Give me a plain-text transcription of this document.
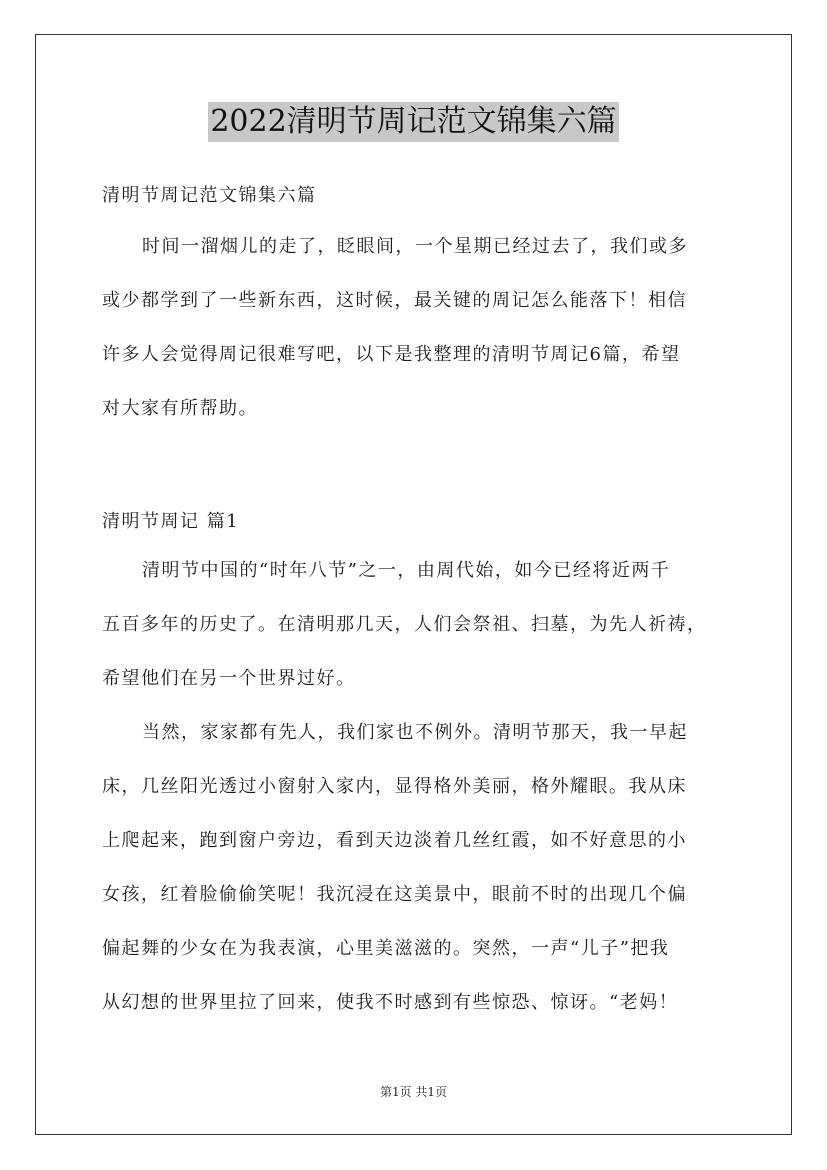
2022清明节周记范文锦集六篇
清明节周记范文锦集六篇
时间一溜烟儿的走了，眨眼间，一个星期已经过去了，我们或多
或少都学到了一些新东西，这时候，最关键的周记怎么能落下！相信
许多人会觉得周记很难写吧，以下是我整理的清明节周记6篇，希望
对大家有所帮助。
清明节周记 篇1
清明节中国的“时年八节”之一，由周代始，如今已经将近两千
五百多年的历史了。在清明那几天，人们会祭祖、扫墓，为先人祈祷，
希望他们在另一个世界过好。
当然，家家都有先人，我们家也不例外。清明节那天，我一早起
床，几丝阳光透过小窗射入家内，显得格外美丽，格外耀眼。我从床
上爬起来，跑到窗户旁边，看到天边淡着几丝红霞，如不好意思的小
女孩，红着脸偷偷笑呢！我沉浸在这美景中，眼前不时的出现几个偏
偏起舞的少女在为我表演，心里美滋滋的。突然，一声“儿子”把我
从幻想的世界里拉了回来，使我不时感到有些惊恐、惊讶。“老妈！
第1页 共1页
